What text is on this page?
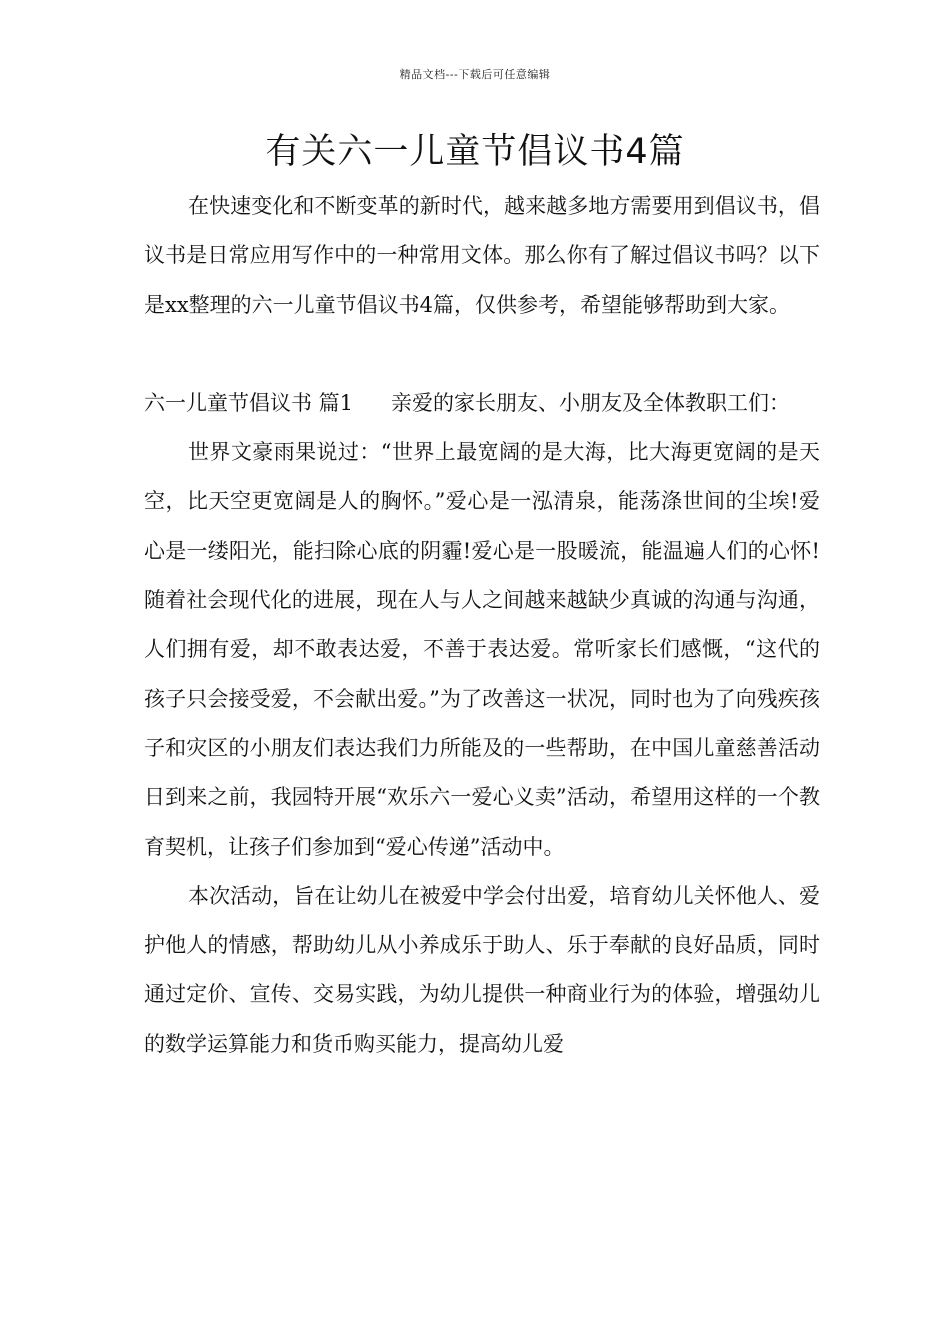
精品文档---下载后可任意编辑
有关六一儿童节倡议书4篇

在快速变化和不断变革的新时代，越来越多地方需要用到倡议书，倡议书是日常应用写作中的一种常用文体。那么你有了解过倡议书吗？以下是xx整理的六一儿童节倡议书4篇，仅供参考，希望能够帮助到大家。

六一儿童节倡议书 篇1 亲爱的家长朋友、小朋友及全体教职工们：

世界文豪雨果说过：“世界上最宽阔的是大海，比大海更宽阔的是天空，比天空更宽阔是人的胸怀。”爱心是一泓清泉，能荡涤世间的尘埃!爱心是一缕阳光，能扫除心底的阴霾!爱心是一股暖流，能温遍人们的心怀!随着社会现代化的进展，现在人与人之间越来越缺少真诚的沟通与沟通，人们拥有爱，却不敢表达爱，不善于表达爱。常听家长们感慨，“这代的孩子只会接受爱，不会献出爱。”为了改善这一状况，同时也为了向残疾孩子和灾区的小朋友们表达我们力所能及的一些帮助，在中国儿童慈善活动日到来之前，我园特开展“欢乐六一爱心义卖”活动，希望用这样的一个教育契机，让孩子们参加到“爱心传递”活动中。

本次活动，旨在让幼儿在被爱中学会付出爱，培育幼儿关怀他人、爱护他人的情感，帮助幼儿从小养成乐于助人、乐于奉献的良好品质，同时通过定价、宣传、交易实践，为幼儿提供一种商业行为的体验，增强幼儿的数学运算能力和货币购买能力，提高幼儿爱
